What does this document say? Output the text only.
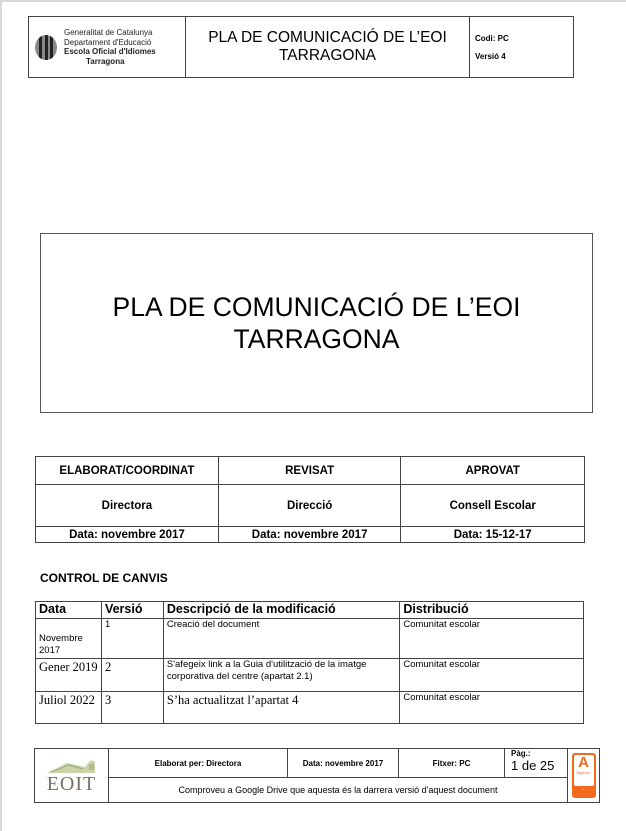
Generalitat de Catalunya
Departament d'Educació
Escola Oficial d'Idiomes
Tarragona
PLA DE COMUNICACIÓ DE L’EOI
TARRAGONA
Codi: PC
Versió 4
PLA DE COMUNICACIÓ DE L’EOI
TARRAGONA
ELABORAT/COORDINAT	REVISAT	APROVAT
Directora	Direcció	Consell Escolar
Data: novembre 2017	Data: novembre 2017	Data: 15-12-17
CONTROL DE CANVIS
Data	Versió	Descripció de la modificació	Distribució

Novembre 2017	1	Creació del document	Comunitat escolar
Gener 2019	2	S'afegeix link a la Guia d'utilització de la imatge corporativa del centre (apartat 2.1)	Comunitat escolar
Juliol 2022	3	S’ha actualitzat l’apartat 4	Comunitat escolar
EOIT
Elaborat per: Directora	Data: novembre 2017	Fitxer: PC
Pàg.:
1 de 25
Comproveu a Google Drive que aquesta és la darrera versió d'aquest document
A
Applus+
••
